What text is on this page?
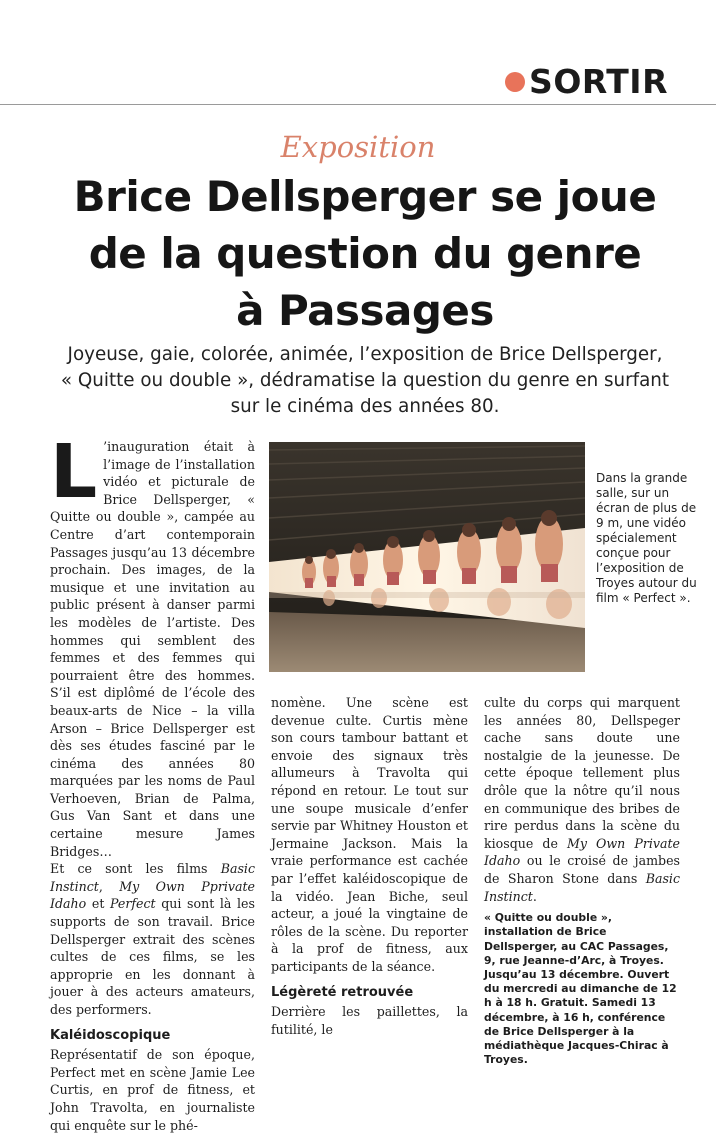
SORTIR
Exposition
Brice Dellsperger se joue
de la question du genre
à Passages
Joyeuse, gaie, colorée, animée, l’exposition de Brice Dellsperger,
« Quitte ou double », dédramatise la question du genre en surfant
sur le cinéma des années 80.

L ’inauguration était à l’image de l’installation vidéo et picturale de Brice Dellsperger, « Quitte ou double », campée au Centre d’art contemporain Passages jusqu’au 13 décembre prochain. Des images, de la musique et une invitation au public présent à danser parmi les modèles de l’artiste. Des hommes qui semblent des femmes et des femmes qui pourraient être des hommes. S’il est diplômé de l’école des beaux-arts de Nice – la villa Arson – Brice Dellsperger est dès ses études fasciné par le cinéma des années 80 marquées par les noms de Paul Verhoeven, Brian de Palma, Gus Van Sant et dans une certaine mesure James Bridges…

Et ce sont les films Basic Instinct, My Own Pprivate Idaho et Perfect qui sont là les supports de son travail. Brice Dellsperger extrait des scènes cultes de ces films, se les approprie en les donnant à jouer à des acteurs amateurs, des performers.

Kaléidoscopique

Représentatif de son époque, Perfect met en scène Jamie Lee Curtis, en prof de fitness, et John Travolta, en journaliste qui enquête sur le phé-

Dans la grande salle, sur un écran de plus de 9 m, une vidéo spécialement conçue pour l’exposition de Troyes autour du film « Perfect ».

nomène. Une scène est devenue culte. Curtis mène son cours tambour battant et envoie des signaux très allumeurs à Travolta qui répond en retour. Le tout sur une soupe musicale d’enfer servie par Whitney Houston et Jermaine Jackson. Mais la vraie performance est cachée par l’effet kaléidoscopique de la vidéo. Jean Biche, seul acteur, a joué la vingtaine de rôles de la scène. Du reporter à la prof de fitness, aux participants de la séance.

Légèreté retrouvée

Derrière les paillettes, la futilité, le

culte du corps qui marquent les années 80, Dellspeger cache sans doute une nostalgie de la jeunesse. De cette époque tellement plus drôle que la nôtre qu’il nous en communique des bribes de rire perdus dans la scène du kiosque de My Own Private Idaho ou le croisé de jambes de Sharon Stone dans Basic Instinct.

« Quitte ou double », installation de Brice Dellsperger, au CAC Passages, 9, rue Jeanne-d’Arc, à Troyes. Jusqu’au 13 décembre. Ouvert du mercredi au dimanche de 12 h à 18 h. Gratuit. Samedi 13 décembre, à 16 h, conférence de Brice Dellsperger à la médiathèque Jacques-Chirac à Troyes.
